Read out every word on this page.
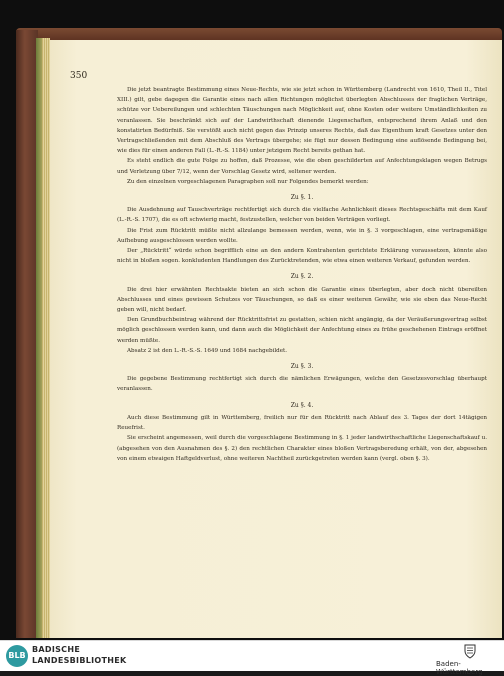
350

Die jetzt beantragte Bestimmung eines Neue-Rechts, wie sie jetzt schon in Württemberg (Landrecht von 1610, Theil II., Titel XIII.) gilt, gebe dagegen die Garantie eines nach allen Richtungen möglichst überlegten Abschlusses der fraglichen Verträge, schütze vor Uebereilungen und schlechten Täuschungen nach Möglichkeit auf, ohne Kosten oder weitere Umständlichkeiten zu veranlassen. Sie beschränkt sich auf der Landwirthschaft dienende Liegenschaften, entsprechend ihrem Anlaß und den konstatirten Bedürfniß. Sie verstößt auch nicht gegen das Prinzip unseres Rechts, daß das Eigenthum kraft Gesetzes unter den Vertragschließenden mit dem Abschluß des Vertrags übergehe; sie fügt nur dessen Bedingung eine auflösende Bedingung bei, wie dies für einen anderen Fall (L.-R.-S. 1184) unter jetzigem Recht bereits gethan hat.

Es steht endlich die gute Folge zu hoffen, daß Prozesse, wie die oben geschilderten auf Anfechtungsklagen wegen Betrugs und Verletzung über 7/12, wenn der Vorschlag Gesetz wird, seltener werden.

Zu den einzelnen vorgeschlagenen Paragraphen soll nur Folgendes bemerkt werden:

Zu §. 1.

Die Ausdehnung auf Tauschverträge rechtfertigt sich durch die vielfache Aehnlichkeit dieses Rechtsgeschäfts mit dem Kauf (L.-R.-S. 1707), die es oft schwierig macht, festzustellen, welcher von beiden Verträgen vorliegt.

Die Frist zum Rücktritt müßte nicht allzulange bemessen werden, wenn, wie in §. 3 vorgeschlagen, eine vertragsmäßige Aufhebung ausgeschlossen werden wollte.

Der „Rücktritt“ würde schon begrifflich eine an den andern Kontrahenten gerichtete Erklärung voraussetzen, könnte also nicht in bloßen sogen. konkludenten Handlungen des Zurücktretenden, wie etwa einen weiteren Verkauf, gefunden werden.

Zu §. 2.

Die drei hier erwähnten Rechtsakte bieten an sich schon die Garantie eines überlegten, aber doch nicht übereilten Abschlusses und eines gewissen Schutzes vor Täuschungen, so daß es einer weiteren Gewähr, wie sie eben das Neue-Recht geben will, nicht bedarf.

Den Grundbuchbeintrag während der Rücktrittsfrist zu gestatten, schien nicht angängig, da der Veräußerungsvertrag selbst möglich geschlossen werden kann, und dann auch die Möglichkeit der Anfechtung eines zu frühe geschehenen Eintrags eröffnet werden müßte.

Absatz 2 ist den L.-R.-S.-S. 1649 und 1684 nachgebildet.

Zu §. 3.

Die gegebene Bestimmung rechtfertigt sich durch die nämlichen Erwägungen, welche den Gesetzesvorschlag überhaupt veranlassen.

Zu §. 4.

Auch diese Bestimmung gilt in Württemberg, freilich nur für den Rücktritt nach Ablauf des 3. Tages der dort 14tägigen Reuefrist.

Sie erscheint angemessen, weil durch die vorgeschlagene Bestimmung in §. 1 jeder landwirthschaftliche Liegenschaftskauf u. (abgesehen von den Ausnahmen des §. 2) den rechtlichen Charakter eines bloßen Vertragsberedung erhält, von der, abgesehen von einem etwaigen Haftgeldverlust, ohne weiteren Nachtheil zurückgetreten werden kann (vergl. oben §. 3).

BLB
BADISCHE
LANDESBIBLIOTHEK	Baden-Württemberg
